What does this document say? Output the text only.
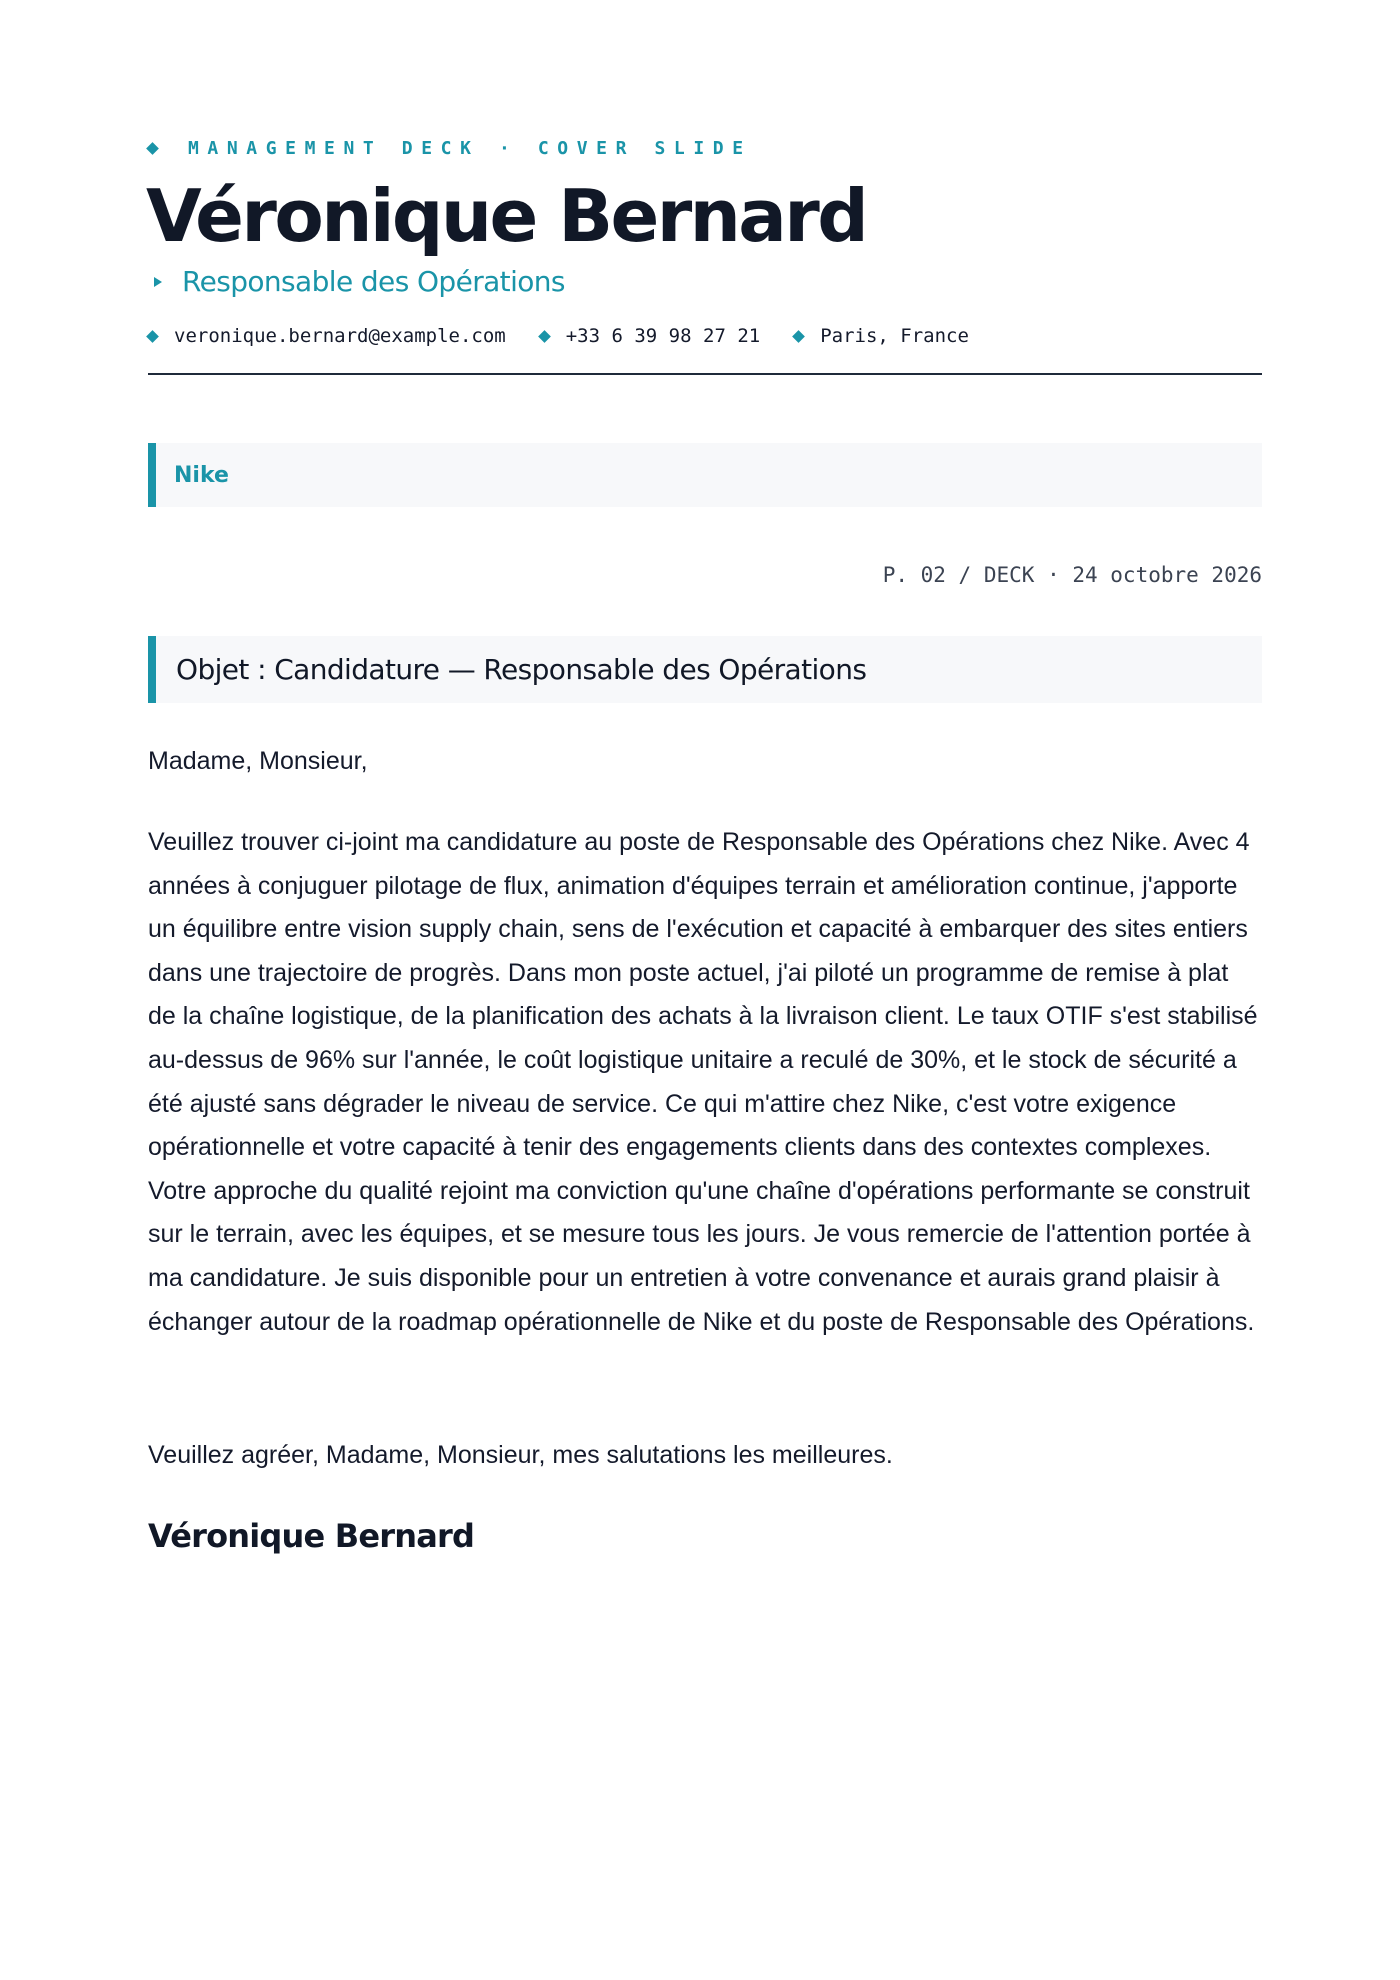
MANAGEMENT DECK · COVER SLIDE
Véronique Bernard
Responsable des Opérations
veronique.bernard@example.com	+33 6 39 98 27 21	Paris, France
Nike
P. 02 / DECK · 24 octobre 2026
Objet : Candidature — Responsable des Opérations
Madame, Monsieur,
Veuillez trouver ci-joint ma candidature au poste de Responsable des Opérations chez Nike. Avec 4 années à conjuguer pilotage de flux, animation d'équipes terrain et amélioration continue, j'apporte un équilibre entre vision supply chain, sens de l'exécution et capacité à embarquer des sites entiers dans une trajectoire de progrès. Dans mon poste actuel, j'ai piloté un programme de remise à plat de la chaîne logistique, de la planification des achats à la livraison client. Le taux OTIF s'est stabilisé au-dessus de 96% sur l'année, le coût logistique unitaire a reculé de 30%, et le stock de sécurité a été ajusté sans dégrader le niveau de service. Ce qui m'attire chez Nike, c'est votre exigence opérationnelle et votre capacité à tenir des engagements clients dans des contextes complexes. Votre approche du qualité rejoint ma conviction qu'une chaîne d'opérations performante se construit sur le terrain, avec les équipes, et se mesure tous les jours. Je vous remercie de l'attention portée à ma candidature. Je suis disponible pour un entretien à votre convenance et aurais grand plaisir à échanger autour de la roadmap opérationnelle de Nike et du poste de Responsable des Opérations.
Veuillez agréer, Madame, Monsieur, mes salutations les meilleures.
Véronique Bernard
